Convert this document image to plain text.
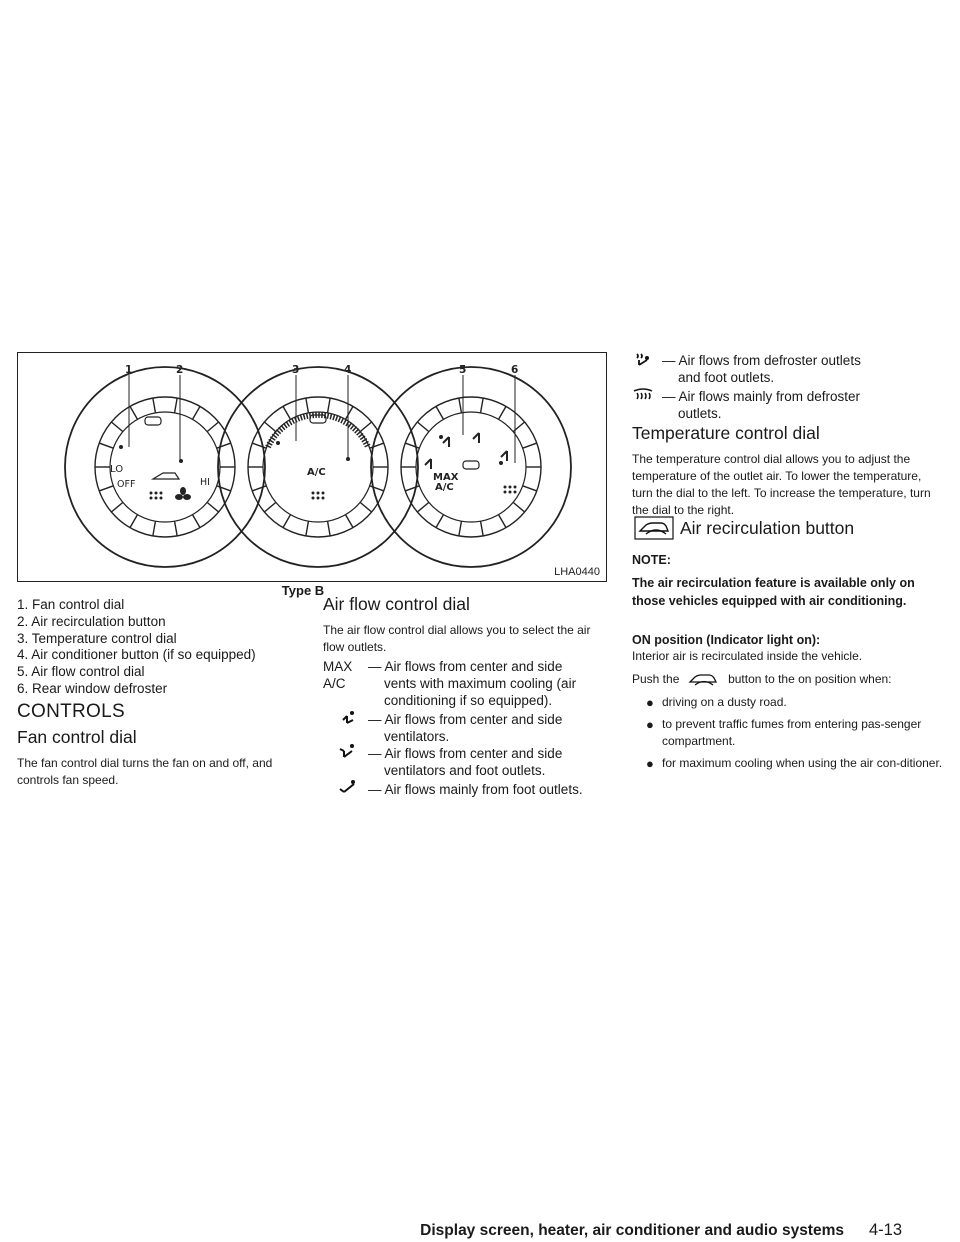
LO
OFF	HI
A/C	MAX
A/C
1	2	3	4	5	6
LHA0440
Type B
1. Fan control dial
2. Air recirculation button
3. Temperature control dial
4. Air conditioner button (if so equipped)
5. Air flow control dial
6. Rear window defroster
CONTROLS
Fan control dial
The fan control dial turns the fan on and off, and controls fan speed.
Air flow control dial
The air flow control dial allows you to select the air flow outlets.
MAX
A/C
— Air flows from center and side
vents with maximum cooling (air
conditioning if so equipped).
— Air flows from center and side
ventilators.
— Air flows from center and side
ventilators and foot outlets.
— Air flows mainly from foot outlets.
— Air flows from defroster outlets
and foot outlets.
— Air flows mainly from defroster
outlets.
Temperature control dial
The temperature control dial allows you to adjust the temperature of the outlet air. To lower the temperature, turn the dial to the left. To increase the temperature, turn the dial to the right.
Air recirculation button
NOTE:
The air recirculation feature is available only on those vehicles equipped with air conditioning.
ON position (Indicator light on):
Interior air is recirculated inside the vehicle.
Push the	button to the on position when:
● driving on a dusty road.
● to prevent traffic fumes from entering pas-senger compartment.
● for maximum cooling when using the air con-ditioner.
Display screen, heater, air conditioner and audio systems 4-13
